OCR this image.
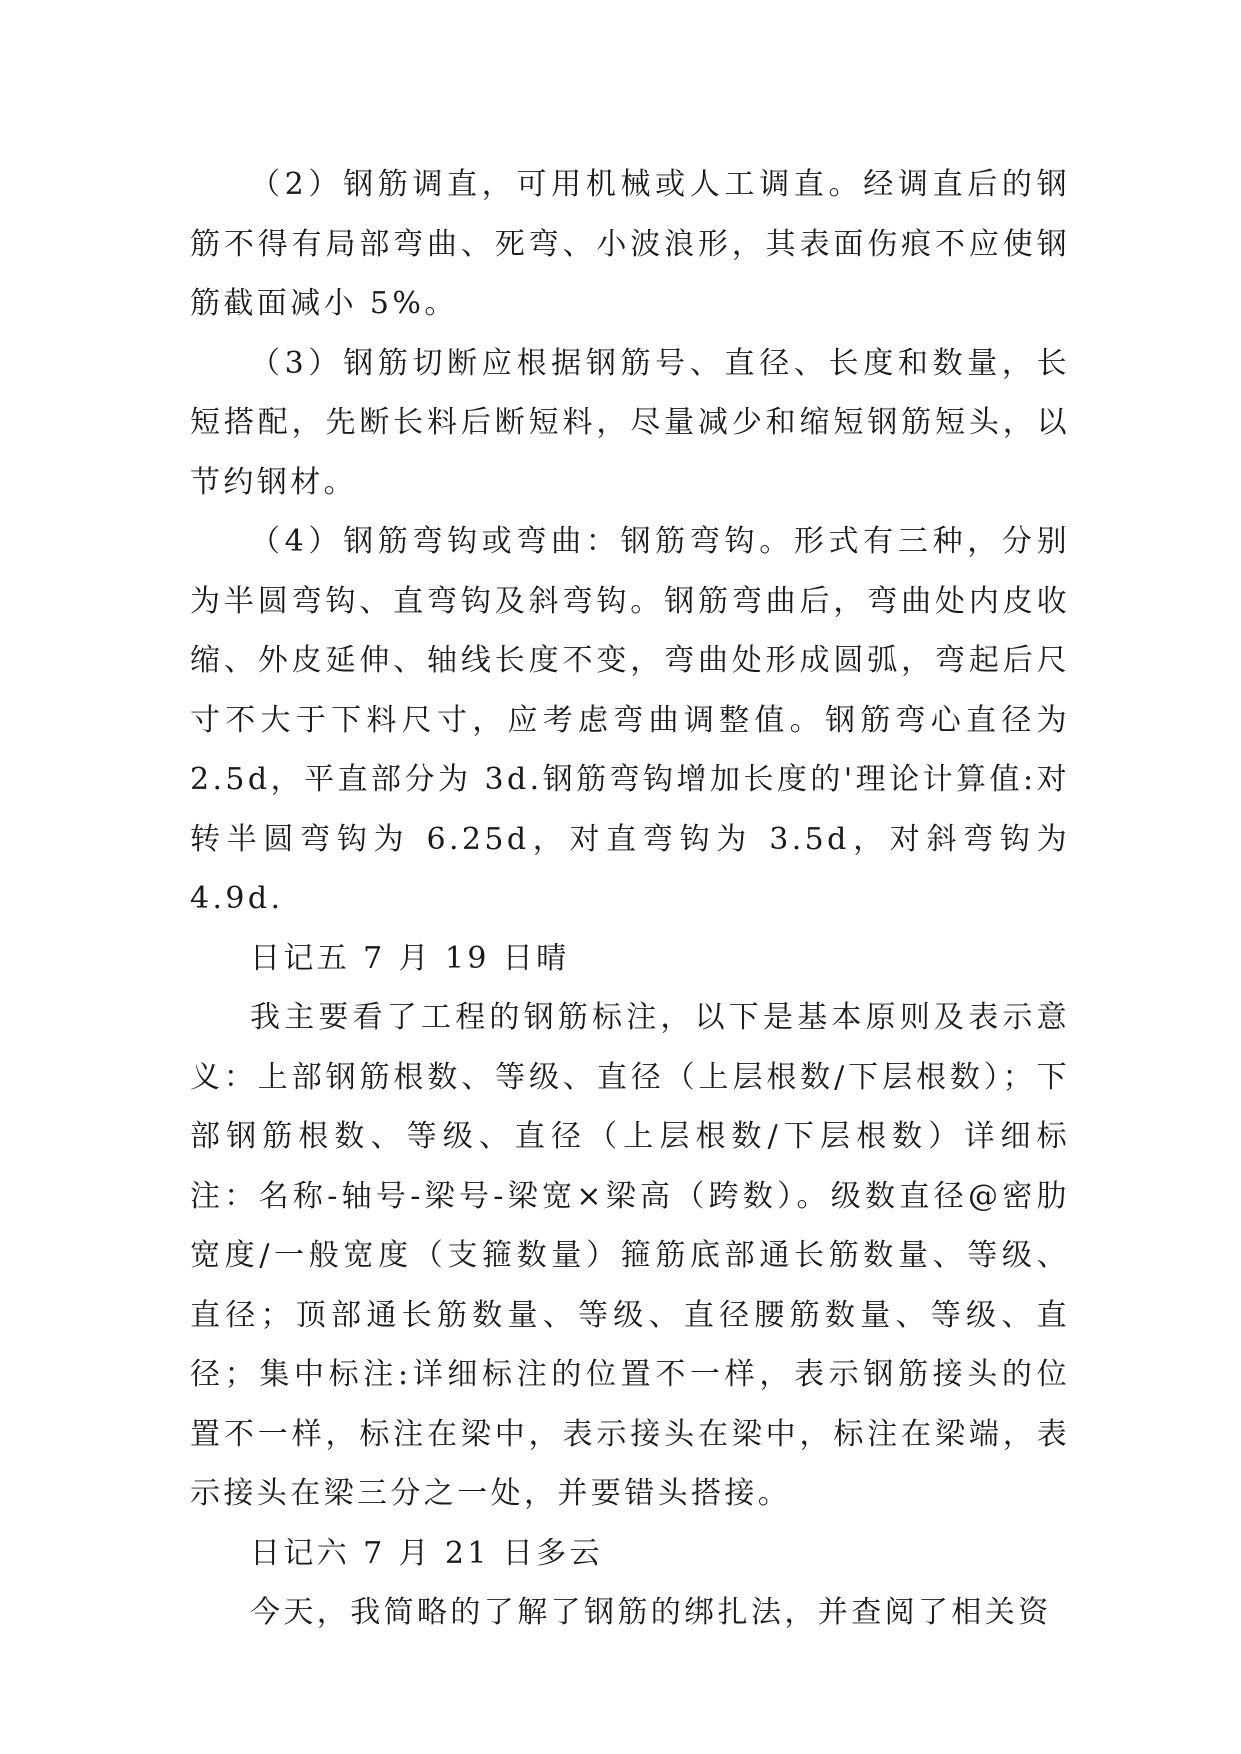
（2）钢筋调直，可用机械或人工调直。经调直后的钢筋不得有局部弯曲、死弯、小波浪形，其表面伤痕不应使钢筋截面减小 5%。

（3）钢筋切断应根据钢筋号、直径、长度和数量，长短搭配，先断长料后断短料，尽量减少和缩短钢筋短头，以节约钢材。

（4）钢筋弯钩或弯曲：钢筋弯钩。形式有三种，分别为半圆弯钩、直弯钩及斜弯钩。钢筋弯曲后，弯曲处内皮收缩、外皮延伸、轴线长度不变，弯曲处形成圆弧，弯起后尺寸不大于下料尺寸，应考虑弯曲调整值。钢筋弯心直径为2.5d，平直部分为 3d.钢筋弯钩增加长度的'理论计算值:对转半圆弯钩为 6.25d，对直弯钩为 3.5d，对斜弯钩为 4.9d.

日记五 7 月 19 日晴

我主要看了工程的钢筋标注，以下是基本原则及表示意义：上部钢筋根数、等级、直径（上层根数/下层根数）；下部钢筋根数、等级、直径（上层根数/下层根数）详细标注：名称-轴号-梁号-梁宽×梁高（跨数）。级数直径@密肋宽度/一般宽度（支箍数量）箍筋底部通长筋数量、等级、直径；顶部通长筋数量、等级、直径腰筋数量、等级、直径；集中标注:详细标注的位置不一样，表示钢筋接头的位置不一样，标注在梁中，表示接头在梁中，标注在梁端，表示接头在梁三分之一处，并要错头搭接。

日记六 7 月 21 日多云

今天，我简略的了解了钢筋的绑扎法，并查阅了相关资
